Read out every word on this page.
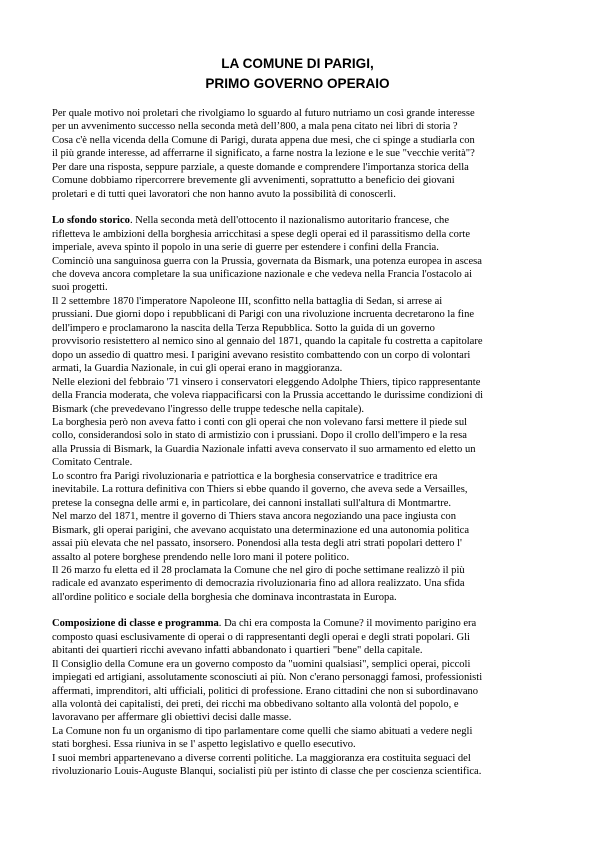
LA COMUNE DI PARIGI,
PRIMO GOVERNO OPERAIO

Per quale motivo noi proletari che rivolgiamo lo sguardo al futuro nutriamo un così grande interesse
per un avvenimento successo nella seconda metà dell’800, a mala pena citato nei libri di storia ?
Cosa c'è nella vicenda della Comune di Parigi, durata appena due mesi, che ci spinge a studiarla con
il più grande interesse, ad afferrarne il significato, a farne nostra la lezione e le sue "vecchie verità"?
Per dare una risposta, seppure parziale, a queste domande e comprendere l'importanza storica della
Comune dobbiamo ripercorrere brevemente gli avvenimenti, soprattutto a beneficio dei giovani
proletari e di tutti quei lavoratori che non hanno avuto la possibilità di conoscerli.

Lo sfondo storico. Nella seconda metà dell'ottocento il nazionalismo autoritario francese, che
rifletteva le ambizioni della borghesia arricchitasi a spese degli operai ed il parassitismo della corte
imperiale, aveva spinto il popolo in una serie di guerre per estendere i confini della Francia.
Cominciò una sanguinosa guerra con la Prussia, governata da Bismark, una potenza europea in ascesa
che doveva ancora completare la sua unificazione nazionale e che vedeva nella Francia l'ostacolo ai
suoi progetti.
Il 2 settembre 1870 l'imperatore Napoleone III, sconfitto nella battaglia di Sedan, si arrese ai
prussiani. Due giorni dopo i repubblicani di Parigi con una rivoluzione incruenta decretarono la fine
dell'impero e proclamarono la nascita della Terza Repubblica. Sotto la guida di un governo
provvisorio resistettero al nemico sino al gennaio del 1871, quando la capitale fu costretta a capitolare
dopo un assedio di quattro mesi. I parigini avevano resistito combattendo con un corpo di volontari
armati, la Guardia Nazionale, in cui gli operai erano in maggioranza.
Nelle elezioni del febbraio '71 vinsero i conservatori eleggendo Adolphe Thiers, tipico rappresentante
della Francia moderata, che voleva riappacificarsi con la Prussia accettando le durissime condizioni di
Bismark (che prevedevano l'ingresso delle truppe tedesche nella capitale).
La borghesia però non aveva fatto i conti con gli operai che non volevano farsi mettere il piede sul
collo, considerandosi solo in stato di armistizio con i prussiani. Dopo il crollo dell'impero e la resa
alla Prussia di Bismark, la Guardia Nazionale infatti aveva conservato il suo armamento ed eletto un
Comitato Centrale.
Lo scontro fra Parigi rivoluzionaria e patriottica e la borghesia conservatrice e traditrice era
inevitabile. La rottura definitiva con Thiers si ebbe quando il governo, che aveva sede a Versailles,
pretese la consegna delle armi e, in particolare, dei cannoni installati sull'altura di Montmartre.
Nel marzo del 1871, mentre il governo di Thiers stava ancora negoziando una pace ingiusta con
Bismark, gli operai parigini, che avevano acquistato una determinazione ed una autonomia politica
assai più elevata che nel passato, insorsero. Ponendosi alla testa degli atri strati popolari dettero l'
assalto al potere borghese prendendo nelle loro mani il potere politico.
Il 26 marzo fu eletta ed il 28 proclamata la Comune che nel giro di poche settimane realizzò il più
radicale ed avanzato esperimento di democrazia rivoluzionaria fino ad allora realizzato. Una sfida
all'ordine politico e sociale della borghesia che dominava incontrastata in Europa.

Composizione di classe e programma. Da chi era composta la Comune? il movimento parigino era
composto quasi esclusivamente di operai o di rappresentanti degli operai e degli strati popolari. Gli
abitanti dei quartieri ricchi avevano infatti abbandonato i quartieri "bene" della capitale.
Il Consiglio della Comune era un governo composto da "uomini qualsiasi", semplici operai, piccoli
impiegati ed artigiani, assolutamente sconosciuti ai più. Non c'erano personaggi famosi, professionisti
affermati, imprenditori, alti ufficiali, politici di professione. Erano cittadini che non si subordinavano
alla volontà dei capitalisti, dei preti, dei ricchi ma obbedivano soltanto alla volontà del popolo, e
lavoravano per affermare gli obiettivi decisi dalle masse.
La Comune non fu un organismo di tipo parlamentare come quelli che siamo abituati a vedere negli
stati borghesi. Essa riuniva in se l' aspetto legislativo e quello esecutivo.
I suoi membri appartenevano a diverse correnti politiche. La maggioranza era costituita seguaci del
rivoluzionario Louis-Auguste Blanqui, socialisti più per istinto di classe che per coscienza scientifica.
